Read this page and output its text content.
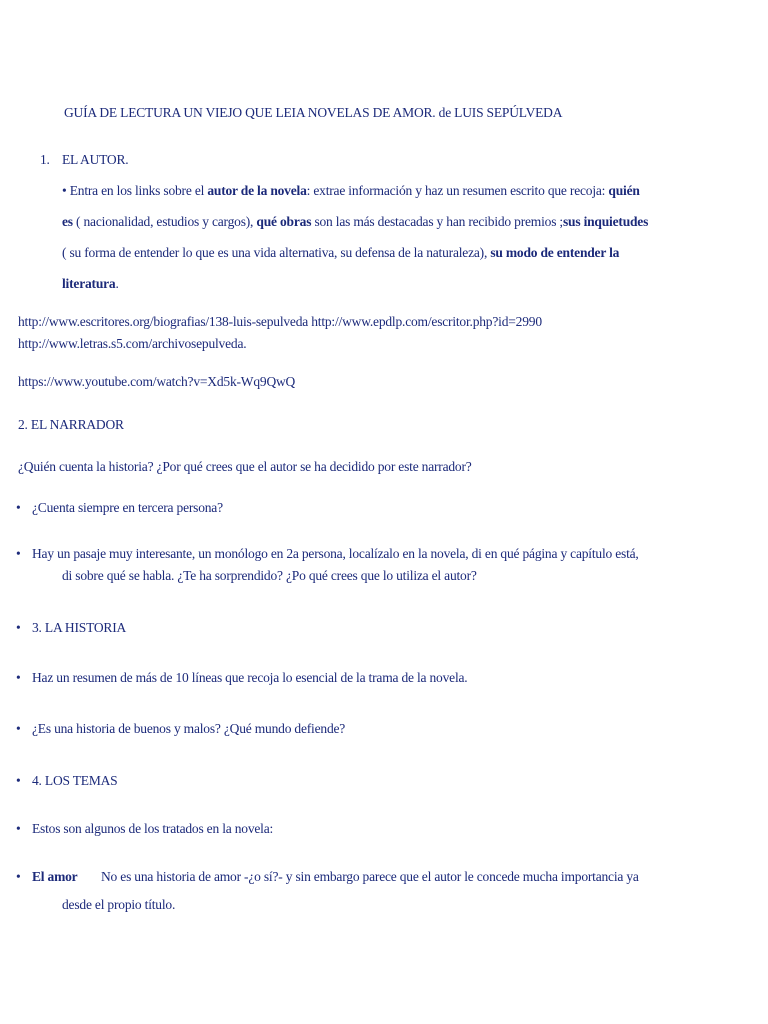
GUÍA DE LECTURA UN VIEJO QUE LEIA NOVELAS DE AMOR. de LUIS SEPÚLVEDA
1. EL AUTOR.
• Entra en los links sobre el autor de la novela: extrae información y haz un resumen escrito que recoja: quién
es ( nacionalidad, estudios y cargos), qué obras son las más destacadas y han recibido premios ;sus inquietudes
( su forma de entender lo que es una vida alternativa, su defensa de la naturaleza), su modo de entender la
literatura.
http://www.escritores.org/biografias/138-luis-sepulveda http://www.epdlp.com/escritor.php?id=2990
http://www.letras.s5.com/archivosepulveda.
https://www.youtube.com/watch?v=Xd5k-Wq9QwQ
2. EL NARRADOR
¿Quién cuenta la historia? ¿Por qué crees que el autor se ha decidido por este narrador?
• ¿Cuenta siempre en tercera persona?
• Hay un pasaje muy interesante, un monólogo en 2a persona, localízalo en la novela, di en qué página y capítulo está,
di sobre qué se habla. ¿Te ha sorprendido? ¿Po qué crees que lo utiliza el autor?
• 3. LA HISTORIA
• Haz un resumen de más de 10 líneas que recoja lo esencial de la trama de la novela.
• ¿Es una historia de buenos y malos? ¿Qué mundo defiende?
• 4. LOS TEMAS
• Estos son algunos de los tratados en la novela:
• El amor No es una historia de amor -¿o sí?- y sin embargo parece que el autor le concede mucha importancia ya
desde el propio título.
